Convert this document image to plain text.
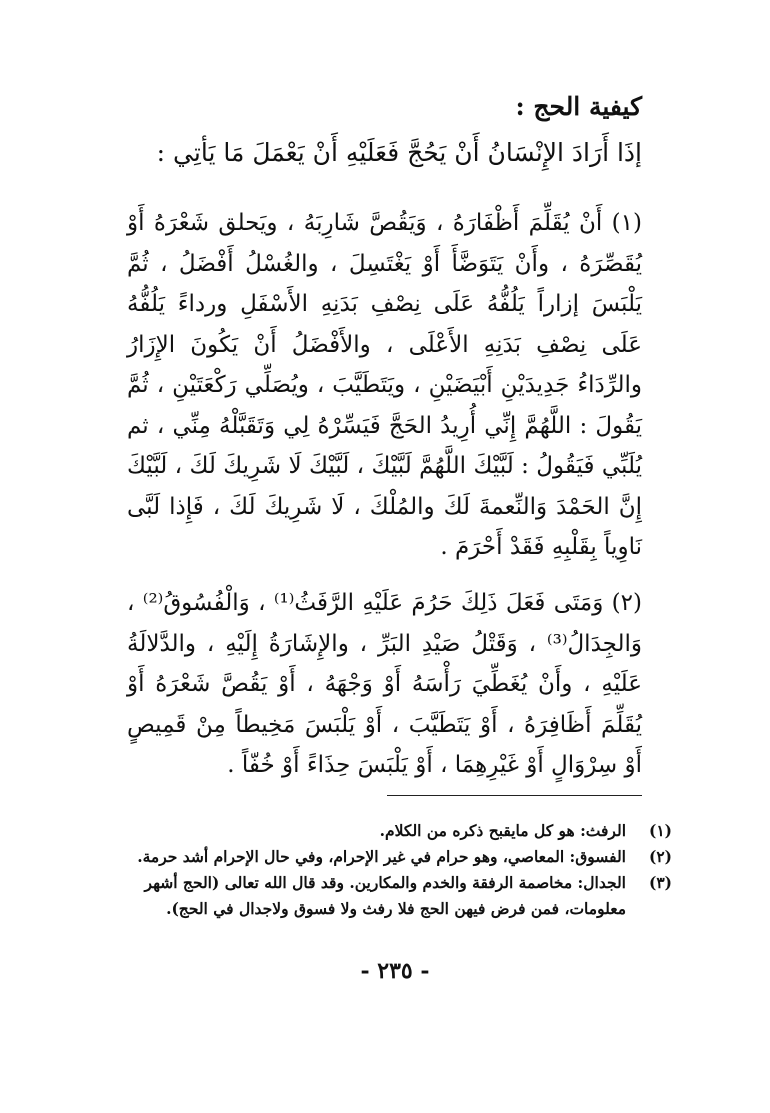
كيفية الحج :
إذَا أَرَادَ الإِنْسَانُ أَنْ يَحُجَّ فَعَلَيْهِ أَنْ يَعْمَلَ مَا يَأتِي :

(١) أَنْ يُقَلِّمَ أَظْفَارَهُ ، وَيَقُصَّ شَارِبَهُ ، ويَحلق شَعْرَهُ أَوْ يُقَصِّرَهُ ، وأَنْ يَتَوَضَّأَ أَوْ يَغْتَسِلَ ، والغُسْلُ أَفْضَلُ ، ثُمَّ يَلْبَسَ إزاراً يَلُفُّهُ عَلَى نِصْفِ بَدَنِهِ الأَسْفَلِ ورداءً يَلُفُّهُ عَلَى نِصْفِ بَدَنِهِ الأَعْلَى ، والأَفْضَلُ أَنْ يَكُونَ الإِزَارُ والرِّدَاءُ جَدِيدَيْنِ أَبْيَضَيْنِ ، ويَتَطَيَّبَ ، ويُصَلِّي رَكْعَتَيْنِ ، ثُمَّ يَقُولَ : اللَّهُمَّ إِنِّي أُرِيدُ الحَجَّ فَيَسِّرْهُ لِي وَتَقَبَّلْهُ مِنِّي ، ثم يُلَبِّي فَيَقُولُ : لَبَّيْكَ اللَّهُمَّ لَبَّيْكَ ، لَبَّيْكَ لَا شَرِيكَ لَكَ ، لَبَّيْكَ إِنَّ الحَمْدَ وَالنِّعمةَ لَكَ والمُلْكَ ، لَا شَرِيكَ لَكَ ، فَإِذا لَبَّى نَاوِياً بِقَلْبِهِ فَقَدْ أَحْرَمَ .

(٢) وَمَتَى فَعَلَ ذَلِكَ حَرُمَ عَلَيْهِ الرَّفَثُ⁽¹⁾ ، وَالْفُسُوقُ⁽²⁾ ، وَالجِدَالُ⁽³⁾ ، وَقَتْلُ صَيْدِ البَرِّ ، والإِشَارَةُ إِلَيْهِ ، والدَّلالَةُ عَلَيْهِ ، وأَنْ يُغَطِّيَ رَأْسَهُ أَوْ وَجْهَهُ ، أَوْ يَقُصَّ شَعْرَهُ أَوْ يُقَلِّمَ أَظَافِرَهُ ، أَوْ يَتَطَيَّبَ ، أَوْ يَلْبَسَ مَخِيطاً مِنْ قَمِيصٍ أَوْ سِرْوَالٍ أَوْ غَيْرِهِمَا ، أَوْ يَلْبَسَ حِذَاءً أَوْ خُفّاً .

(١)
الرفث: هو كل مايقبح ذكره من الكلام.
(٢)
الفسوق: المعاصي، وهو حرام في غير الإحرام، وفي حال الإحرام أشد حرمة.
(٣)
الجدال: مخاصمة الرفقة والخدم والمكارين. وقد قال الله تعالى (الحج أشهر معلومات، فمن فرض فيهن الحج فلا رفث ولا فسوق ولاجدال في الحج).
- ٢٣٥ -
